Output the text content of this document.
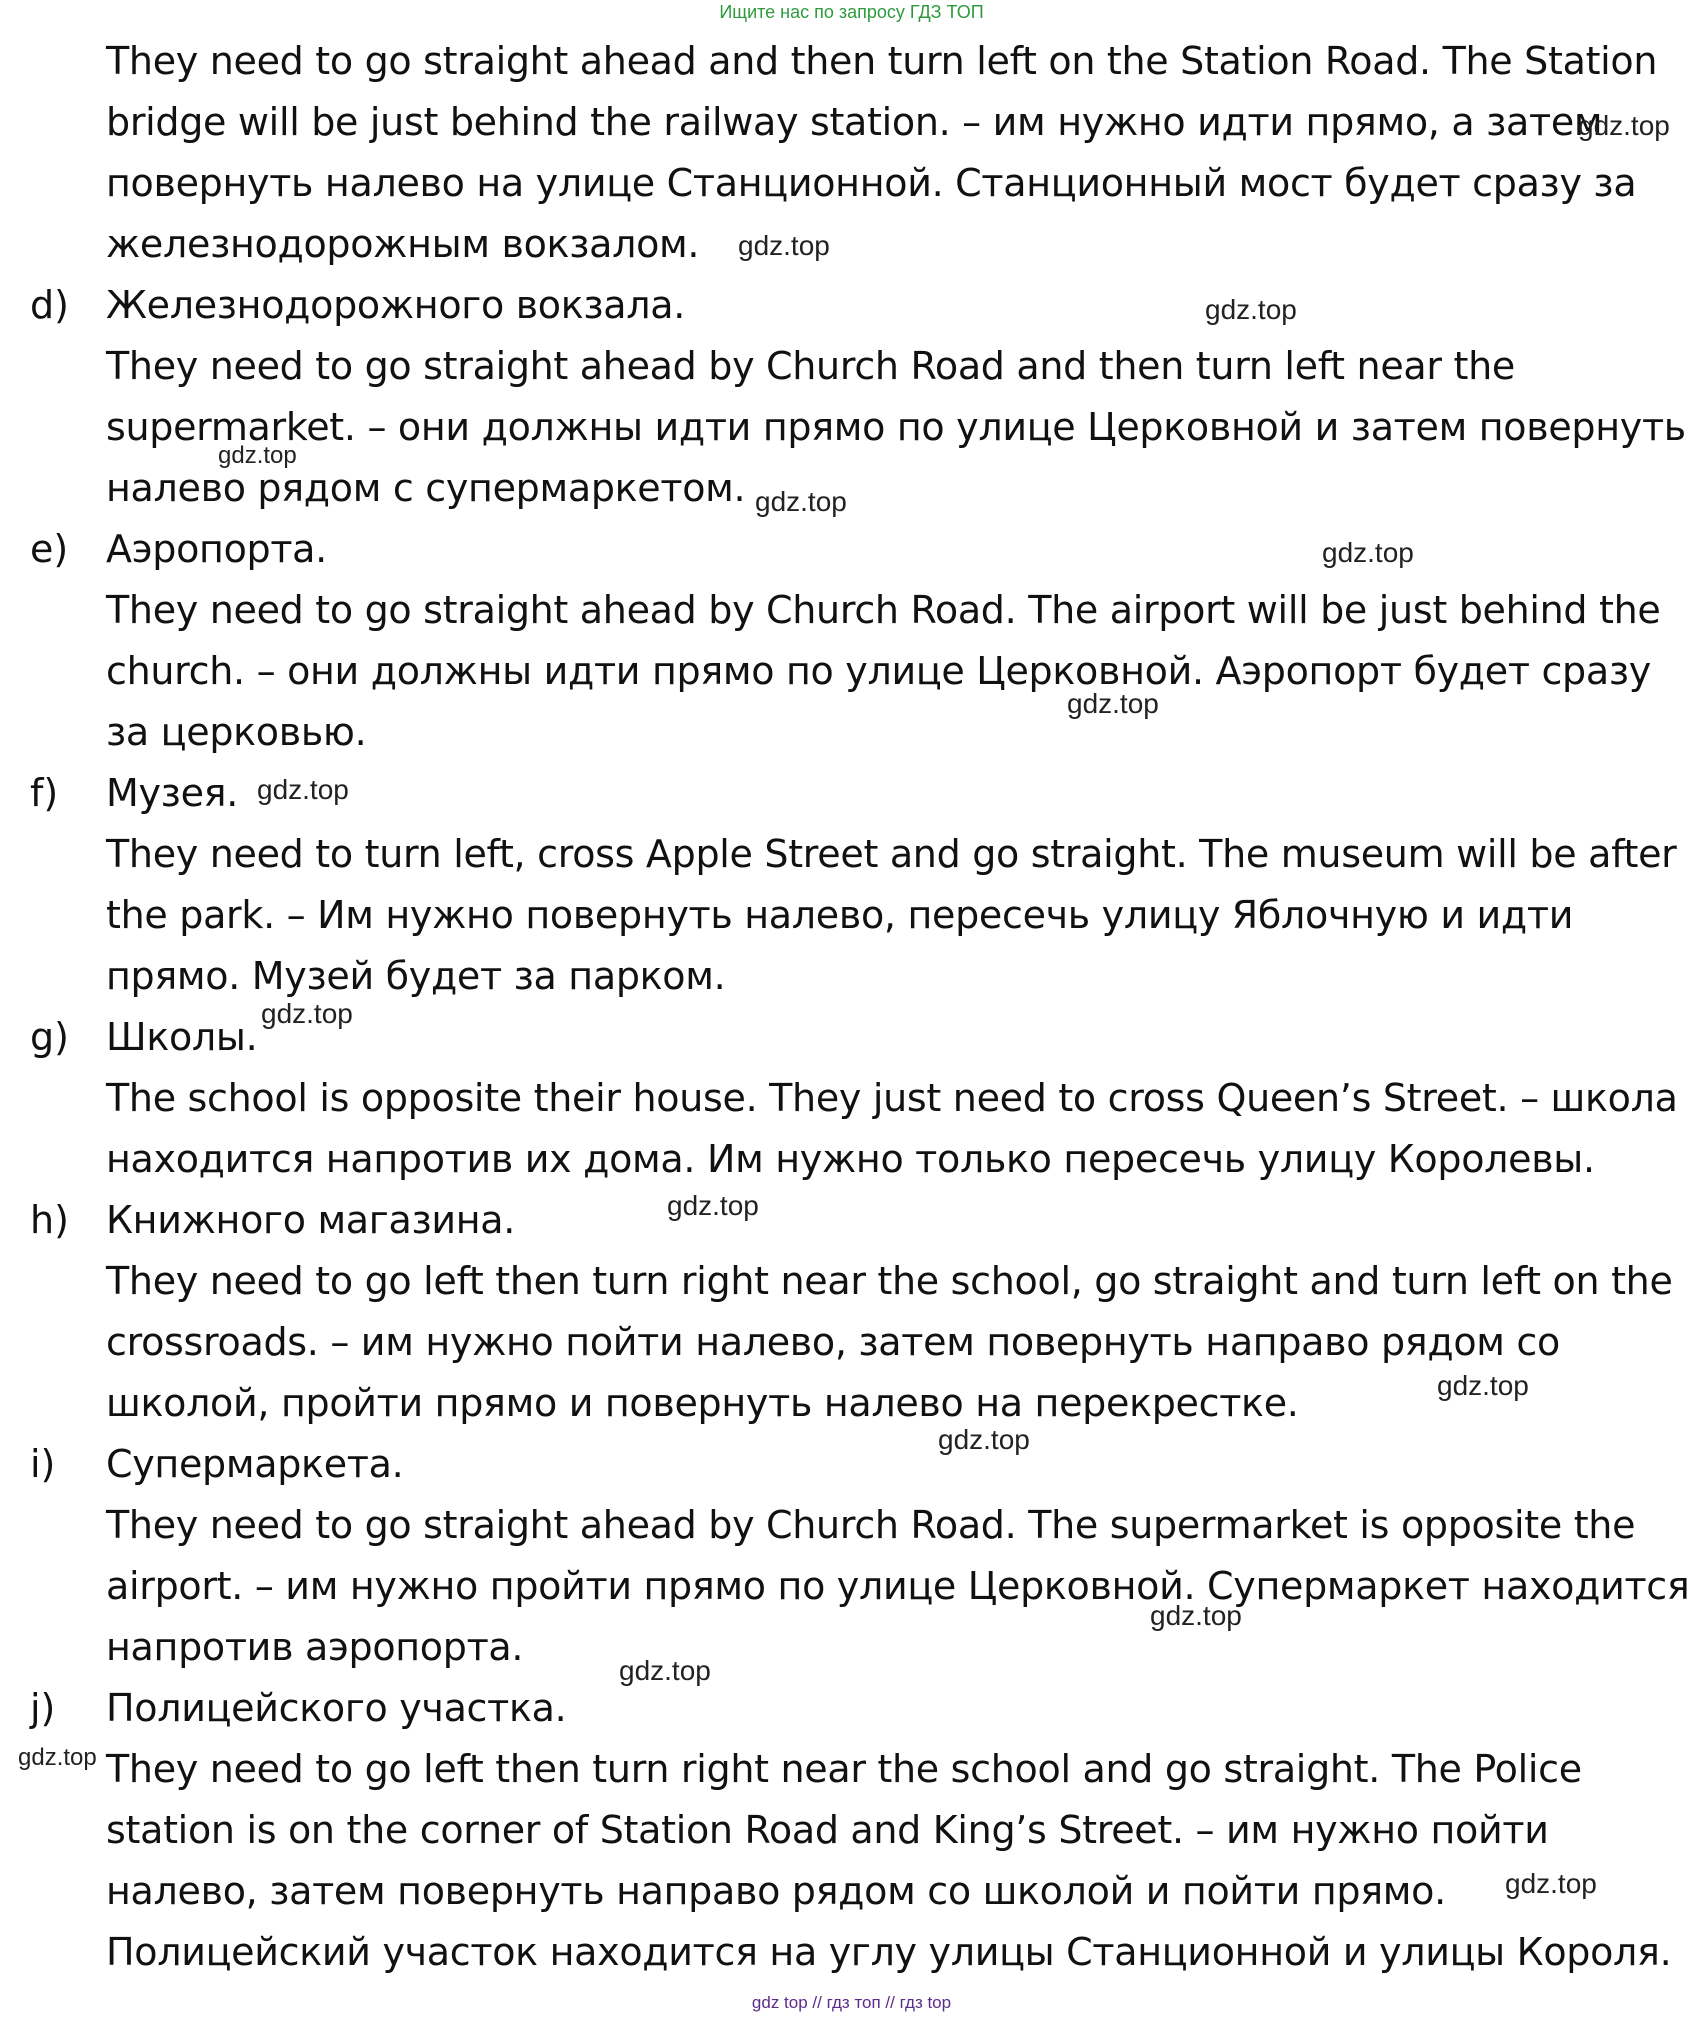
Ищите нас по запросу ГДЗ ТОП
They need to go straight ahead and then turn left on the Station Road. The Station
bridge will be just behind the railway station. – им нужно идти прямо, а затем
повернуть налево на улице Станционной. Станционный мост будет сразу за
железнодорожным вокзалом.
d) Железнодорожного вокзала.
They need to go straight ahead by Church Road and then turn left near the
supermarket. – они должны идти прямо по улице Церковной и затем повернуть
налево рядом с супермаркетом.
e) Аэропорта.
They need to go straight ahead by Church Road. The airport will be just behind the
church. – они должны идти прямо по улице Церковной. Аэропорт будет сразу
за церковью.
f) Музея.
They need to turn left, cross Apple Street and go straight. The museum will be after
the park. – Им нужно повернуть налево, пересечь улицу Яблочную и идти
прямо. Музей будет за парком.
g) Школы.
The school is opposite their house. They just need to cross Queen’s Street. – школа
находится напротив их дома. Им нужно только пересечь улицу Королевы.
h) Книжного магазина.
They need to go left then turn right near the school, go straight and turn left on the
crossroads. – им нужно пойти налево, затем повернуть направо рядом со
школой, пройти прямо и повернуть налево на перекрестке.
i) Супермаркета.
They need to go straight ahead by Church Road. The supermarket is opposite the
airport. – им нужно пройти прямо по улице Церковной. Супермаркет находится
напротив аэропорта.
j) Полицейского участка.
They need to go left then turn right near the school and go straight. The Police
station is on the corner of Station Road and King’s Street. – им нужно пойти
налево, затем повернуть направо рядом со школой и пойти прямо.
Полицейский участок находится на углу улицы Станционной и улицы Короля.
gdz.top
gdz.top
gdz.top
gdz.top
gdz.top
gdz.top
gdz.top
gdz.top
gdz.top
gdz.top
gdz.top
gdz.top
gdz.top
gdz.top
gdz.top
gdz.top
gdz top // гдз топ // гдз top
